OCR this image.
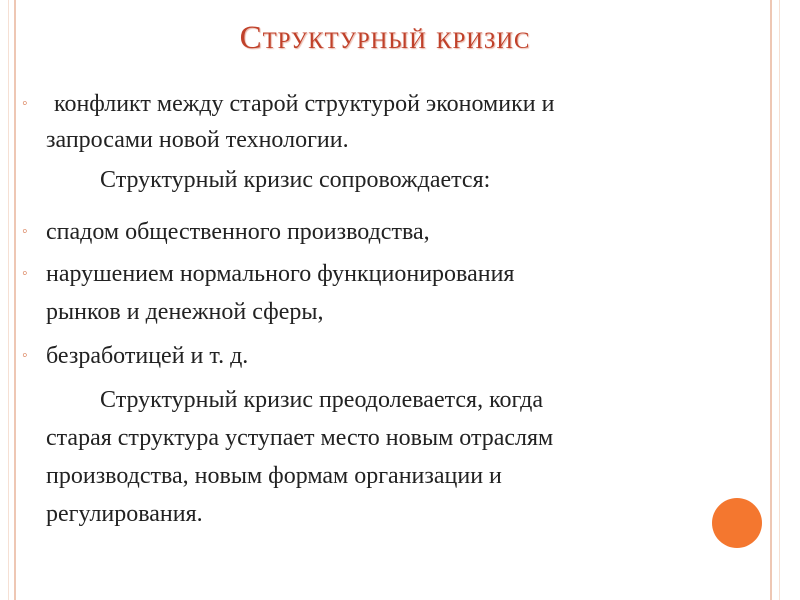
Структурный кризис
◦ конфликт между старой структурой экономики и
запросами новой технологии.
Структурный кризис сопровождается:
◦ спадом общественного производства,
◦ нарушением нормального функционирования
рынков и денежной сферы,
◦ безработицей и т. д.
Структурный кризис преодолевается, когда
старая структура уступает место новым отраслям
производства, новым формам организации и
регулирования.
